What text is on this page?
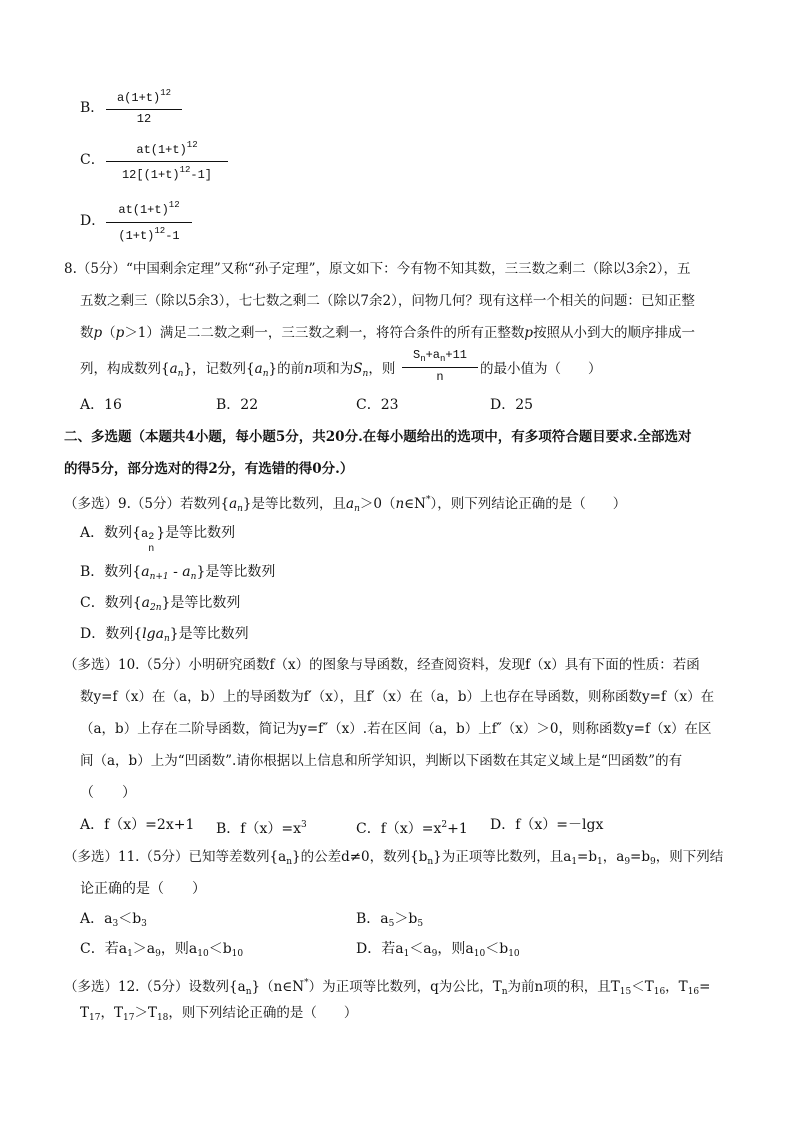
B．
$a(1+t)^{12}$
12
C．
$at(1+t)^{12}$
$12[(1+t)^{12}-1]$
D．
$at(1+t)^{12}$
$(1+t)^{12}-1$
8.（5分）“中国剩余定理”又称“孙子定理”，原文如下：今有物不知其数，三三数之剩二（除以3余2），五
五数之剩三（除以5余3），七七数之剩二（除以7余2），问物几何？现有这样一个相关的问题：已知正整
数p（p＞1）满足二二数之剩一，三三数之剩一，将符合条件的所有正整数p按照从小到大的顺序排成一
列，构成数列$\{a_n\}$，记数列$\{a_n\}$的前n项和为$S_n$，则
$S_n+a_n+11$
n	的最小值为（　　）
A．16	B．22	C．23	D．25
二、多选题（本题共4小题，每小题5分，共20分.在每小题给出的选项中，有多项符合题目要求.全部选对
的得5分，部分选对的得2分，有选错的得0分.）
（多选）9.（5分）若数列$\{a_n\}$是等比数列，且$a_n>0(n\in N^*)$，则下列结论正确的是（　　）
A．数列{a 2
n
}是等比数列
B．数列$\{a_{n+1} - a_n\}$是等比数列
C．数列$\{a_{2n}\}$是等比数列
D．数列{lga$_n$}是等比数列
（多选）10.（5分）小明研究函数f（x）的图象与导函数，经查阅资料，发现f（x）具有下面的性质：若函
数y=f（x）在（a，b）上的导函数为f′（x），且f′（x）在（a，b）上也存在导函数，则称函数y=f（x）在
（a，b）上存在二阶导函数，简记为y=f″（x）.若在区间（a，b）上f″（x）＞0，则称函数y=f（x）在区
间（a，b）上为“凹函数”.请你根据以上信息和所学知识，判断以下函数在其定义域上是“凹函数”的有
（　　）
A．f（x）=2x+1 B．$f(x)=x^3$	C．$f(x)=x^2+1$ D．f（x）=－lgx
（多选）11.（5分）已知等差数列$\{a_n\}$的公差d≠0，数列$\{b_n\}$为正项等比数列，且$a_1=b_1$，$a_9=b_9$，则下列结
论正确的是（　　）
A．$a_3<b_3$	B．$a_5>b_5$
C．若$a_1>a_9$，则$a_{10}<b_{10}$	D．若$a_1<a_9$，则$a_{10}<b_{10}$
（多选）12.（5分）设数列$\{a_n\}(n\in N^*)$为正项等比数列，q为公比，$T_n$为前n项的积，且$T_{15}<T_{16}$，$T_{16}=$
$T_{17}$，$T_{17}>T_{18}$，则下列结论正确的是（　　）
